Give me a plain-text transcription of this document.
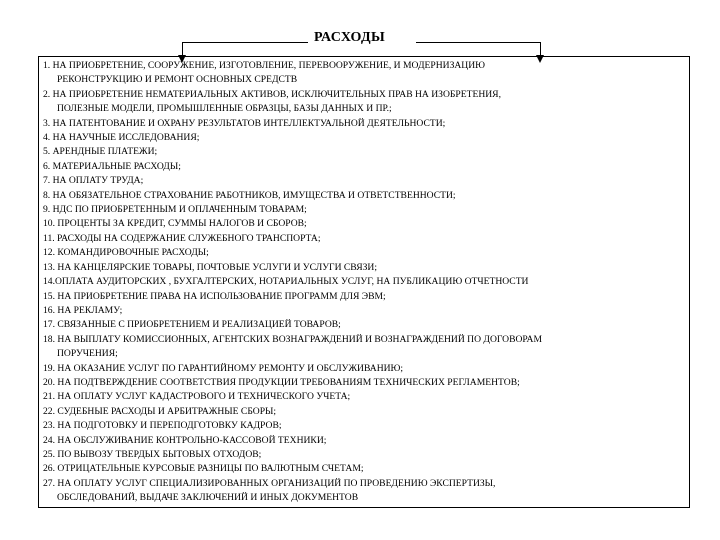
РАСХОДЫ
1. НА ПРИОБРЕТЕНИЕ, СООРУЖЕНИЕ, ИЗГОТОВЛЕНИЕ, ПЕРЕВООРУЖЕНИЕ, И МОДЕРНИЗАЦИЮ
РЕКОНСТРУКЦИЮ И РЕМОНТ ОСНОВНЫХ СРЕДСТВ
2. НА ПРИОБРЕТЕНИЕ НЕМАТЕРИАЛЬНЫХ АКТИВОВ, ИСКЛЮЧИТЕЛЬНЫХ ПРАВ НА ИЗОБРЕТЕНИЯ,
ПОЛЕЗНЫЕ МОДЕЛИ, ПРОМЫШЛЕННЫЕ ОБРАЗЦЫ, БАЗЫ ДАННЫХ И ПР.;
3. НА ПАТЕНТОВАНИЕ И ОХРАНУ РЕЗУЛЬТАТОВ ИНТЕЛЛЕКТУАЛЬНОЙ ДЕЯТЕЛЬНОСТИ;
4. НА НАУЧНЫЕ ИССЛЕДОВАНИЯ;
5. АРЕНДНЫЕ ПЛАТЕЖИ;
6. МАТЕРИАЛЬНЫЕ РАСХОДЫ;
7. НА ОПЛАТУ ТРУДА;
8. НА ОБЯЗАТЕЛЬНОЕ СТРАХОВАНИЕ РАБОТНИКОВ, ИМУЩЕСТВА И ОТВЕТСТВЕННОСТИ;
9. НДС ПО ПРИОБРЕТЕННЫМ И ОПЛАЧЕННЫМ ТОВАРАМ;
10. ПРОЦЕНТЫ ЗА КРЕДИТ, СУММЫ НАЛОГОВ И СБОРОВ;
11. РАСХОДЫ НА СОДЕРЖАНИЕ СЛУЖЕБНОГО ТРАНСПОРТА;
12. КОМАНДИРОВОЧНЫЕ РАСХОДЫ;
13. НА КАНЦЕЛЯРСКИЕ ТОВАРЫ, ПОЧТОВЫЕ УСЛУГИ И УСЛУГИ СВЯЗИ;
14.ОПЛАТА АУДИТОРСКИХ , БУХГАЛТЕРСКИХ, НОТАРИАЛЬНЫХ УСЛУГ, НА ПУБЛИКАЦИЮ ОТЧЕТНОСТИ
15. НА ПРИОБРЕТЕНИЕ ПРАВА НА ИСПОЛЬЗОВАНИЕ ПРОГРАММ ДЛЯ ЭВМ;
16. НА РЕКЛАМУ;
17. СВЯЗАННЫЕ С ПРИОБРЕТЕНИЕМ И РЕАЛИЗАЦИЕЙ ТОВАРОВ;
18. НА ВЫПЛАТУ КОМИССИОННЫХ, АГЕНТСКИХ ВОЗНАГРАЖДЕНИЙ И ВОЗНАГРАЖДЕНИЙ ПО ДОГОВОРАМ
ПОРУЧЕНИЯ;
19. НА ОКАЗАНИЕ УСЛУГ ПО ГАРАНТИЙНОМУ РЕМОНТУ И ОБСЛУЖИВАНИЮ;
20. НА ПОДТВЕРЖДЕНИЕ СООТВЕТСТВИЯ ПРОДУКЦИИ ТРЕБОВАНИЯМ ТЕХНИЧЕСКИХ РЕГЛАМЕНТОВ;
21. НА ОПЛАТУ УСЛУГ КАДАСТРОВОГО И ТЕХНИЧЕСКОГО УЧЕТА;
22. СУДЕБНЫЕ РАСХОДЫ И АРБИТРАЖНЫЕ СБОРЫ;
23. НА ПОДГОТОВКУ И ПЕРЕПОДГОТОВКУ КАДРОВ;
24. НА ОБСЛУЖИВАНИЕ КОНТРОЛЬНО-КАССОВОЙ ТЕХНИКИ;
25. ПО ВЫВОЗУ ТВЕРДЫХ БЫТОВЫХ ОТХОДОВ;
26. ОТРИЦАТЕЛЬНЫЕ КУРСОВЫЕ РАЗНИЦЫ ПО ВАЛЮТНЫМ СЧЕТАМ;
27. НА ОПЛАТУ УСЛУГ СПЕЦИАЛИЗИРОВАННЫХ ОРГАНИЗАЦИЙ ПО ПРОВЕДЕНИЮ ЭКСПЕРТИЗЫ,
ОБСЛЕДОВАНИЙ, ВЫДАЧЕ ЗАКЛЮЧЕНИЙ И ИНЫХ ДОКУМЕНТОВ
